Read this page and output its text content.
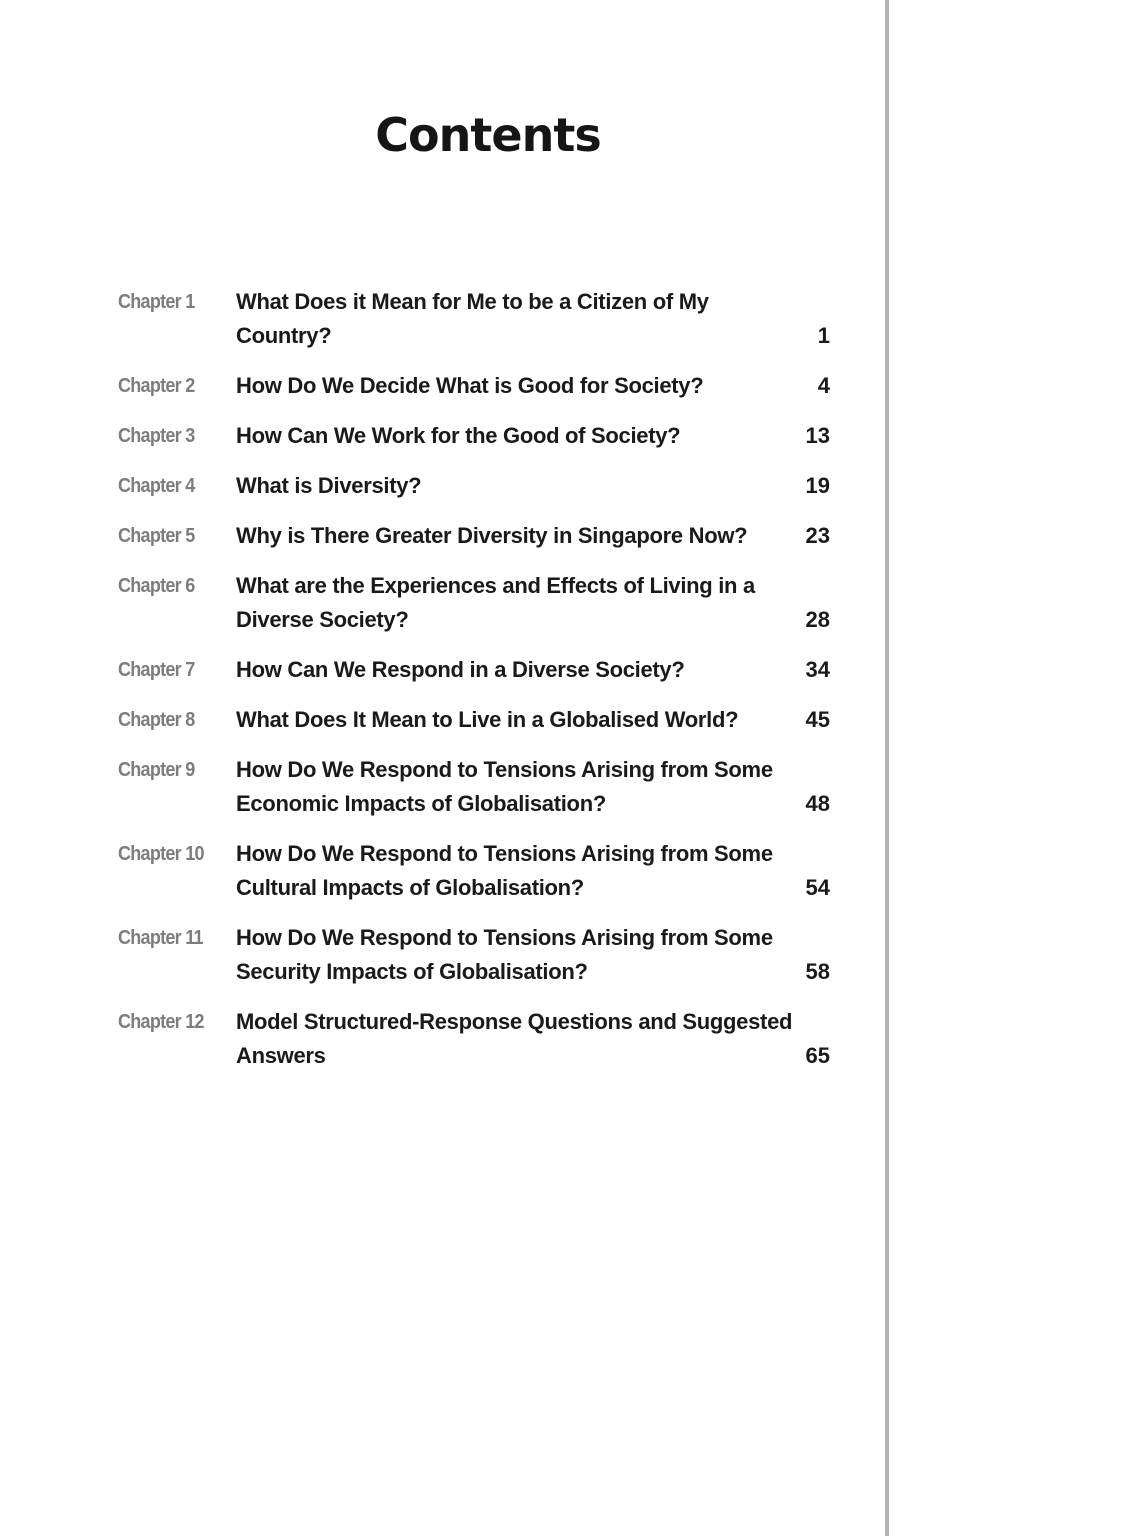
Contents
Chapter 1 What Does it Mean for Me to be a Citizen of My Country?	1
Chapter 2 How Do We Decide What is Good for Society?	4
Chapter 3 How Can We Work for the Good of Society?	13
Chapter 4 What is Diversity?	19
Chapter 5 Why is There Greater Diversity in Singapore Now?	23
Chapter 6 What are the Experiences and Effects of Living in a Diverse Society?	28
Chapter 7 How Can We Respond in a Diverse Society?	34
Chapter 8 What Does It Mean to Live in a Globalised World?	45
Chapter 9 How Do We Respond to Tensions Arising from Some Economic Impacts of Globalisation?	48
Chapter 10 How Do We Respond to Tensions Arising from Some Cultural Impacts of Globalisation?	54
Chapter 11 How Do We Respond to Tensions Arising from Some Security Impacts of Globalisation?	58
Chapter 12 Model Structured-Response Questions and Suggested Answers	65
